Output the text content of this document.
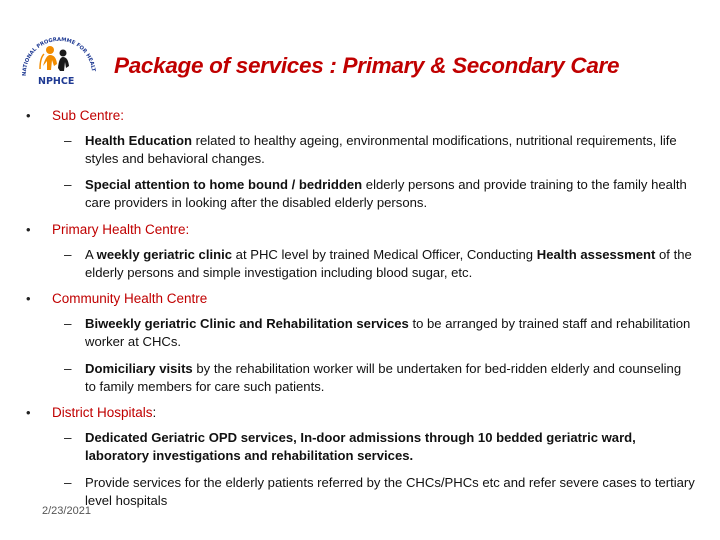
NATIONAL PROGRAMME FOR HEALT
NPHCE
Package of services : Primary & Secondary Care
• Sub Centre:
– Health Education related to healthy ageing, environmental modifications, nutritional requirements, life styles and behavioral changes.
– Special attention to home bound / bedridden elderly persons and provide training to the family health care providers in looking after the disabled elderly persons.
• Primary Health Centre:
– A weekly geriatric clinic at PHC level by trained Medical Officer, Conducting Health assessment of the elderly persons and simple investigation including blood sugar, etc.
• Community Health Centre
– Biweekly geriatric Clinic and Rehabilitation services to be arranged by trained staff and rehabilitation worker at CHCs.
– Domiciliary visits by the rehabilitation worker will be undertaken for bed-ridden elderly and counseling to family members for care such patients.
• District Hospitals:
– Dedicated Geriatric OPD services, In-door admissions through 10 bedded geriatric ward, laboratory investigations and rehabilitation services.
– Provide services for the elderly patients referred by the CHCs/PHCs etc and refer severe cases to tertiary level hospitals
2/23/2021
